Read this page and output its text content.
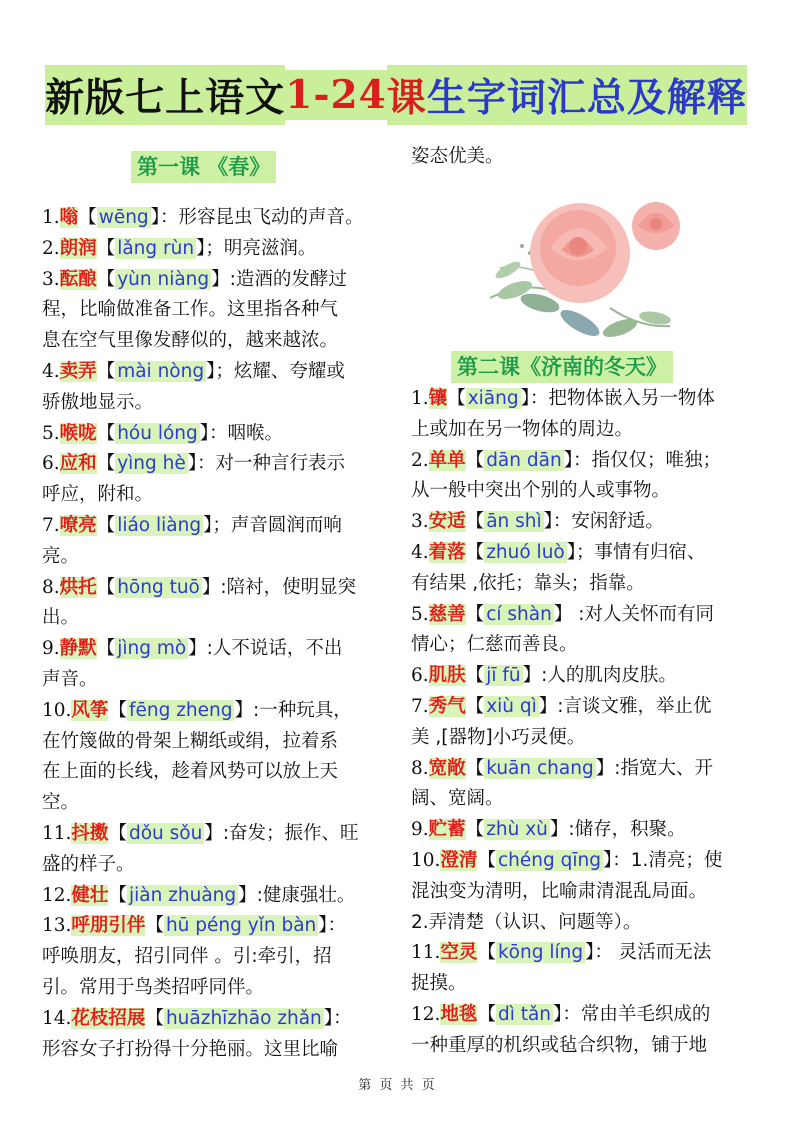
新版七上语文 1-24 课 生字词汇总及解释
第一课 《春》
1.嗡【 wēng 】：形容昆虫飞动的声音。
2.朗润【 lǎng rùn 】；明亮滋润。
3.酝酿【 yùn niàng 】:造酒的发酵过
程，比喻做准备工作。这里指各种气
息在空气里像发酵似的，越来越浓。
4.卖弄【 mài nòng 】；炫耀、夸耀或
骄傲地显示。
5.喉咙【 hóu lóng 】：咽喉。
6.应和【 yìng hè 】：对一种言行表示
呼应，附和。
7.嘹亮【 liáo liàng 】；声音圆润而响
亮。
8.烘托【 hōng tuō 】:陪衬，使明显突
出。
9.静默【 jìng mò 】:人不说话，不出
声音。
10.风筝【 fēng zheng 】:一种玩具，
在竹篾做的骨架上糊纸或绢，拉着系
在上面的长线，趁着风势可以放上天
空。
11.抖擞【 dǒu sǒu 】:奋发；振作、旺
盛的样子。
12.健壮【 jiàn zhuàng 】:健康强壮。
13.呼朋引伴【 hū péng yǐn bàn 】：
呼唤朋友，招引同伴 。引:牵引，招
引。常用于鸟类招呼同伴。
14.花枝招展【 huāzhīzhāo zhǎn 】：
形容女子打扮得十分艳丽。这里比喻
第二课《济南的冬天》
1.镶【 xiāng 】：把物体嵌入另一物体
上或加在另一物体的周边。
2.单单【 dān dān 】：指仅仅；唯独；
从一般中突出个别的人或事物。
3.安适【 ān shì 】：安闲舒适。
4.着落【 zhuó luò 】；事情有归宿、
有结果 ,依托；靠头；指靠。
5.慈善【 cí shàn 】 :对人关怀而有同
情心；仁慈而善良。
6.肌肤【 jī fū 】:人的肌肉皮肤。
7.秀气【 xiù qì 】:言谈文雅，举止优
美 ,[器物]小巧灵便。
8.宽敞【 kuān chang 】:指宽大、开
阔、宽阔。
9.贮蓄【 zhù xù 】:储存，积聚。
10.澄清【 chéng qīng 】：1.清亮；使
混浊变为清明，比喻肃清混乱局面。
2.弄清楚（认识、问题等）。
11.空灵【 kōng líng 】： 灵活而无法
捉摸。
12.地毯【 dì tǎn 】：常由羊毛织成的
一种重厚的机织或毡合织物，铺于地
姿态优美。
第 页 共 页
